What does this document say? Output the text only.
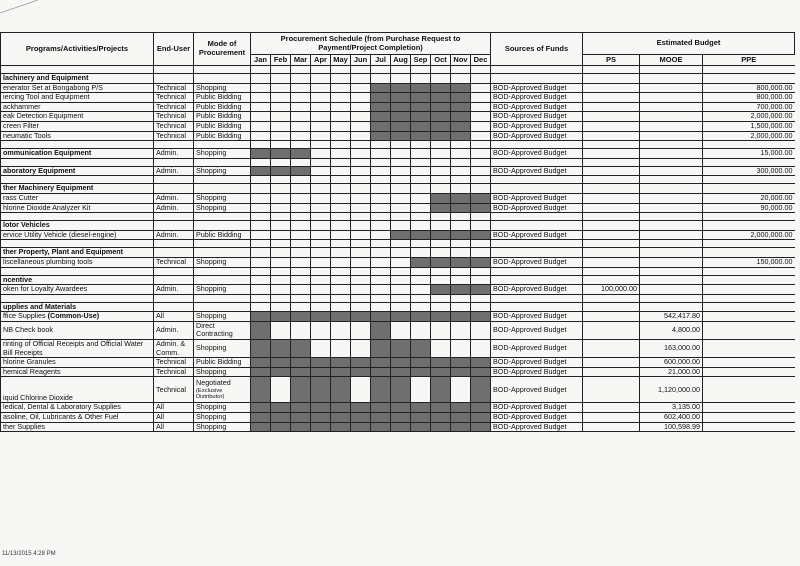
Programs/Activities/Projects	End-User	Mode of Procurement	Procurement Schedule (from Purchase Request to Payment/Project Completion)												Sources of Funds	Estimated Budget		
			Jan	Feb	Mar	Apr	May	Jun	Jul	Aug	Sep	Oct	Nov	Dec		PS	MOOE	PPE

lachinery and Equipment																		
enerator Set at Bongabong P/S	Technical	Shopping													BOD-Approved Budget			800,000.00
iercing Tool and Equipment	Technical	Public Bidding													BOD-Approved Budget			800,000.00
ackhammer	Technical	Public Bidding													BOD-Approved Budget			700,000.00
eak Detection Equipment	Technical	Public Bidding													BOD-Approved Budget			2,000,000.00
creen Filter	Technical	Public Bidding													BOD-Approved Budget			1,500,000.00
neumatic Tools	Technical	Public Bidding													BOD-Approved Budget			2,000,000.00

ommunication Equipment	Admin.	Shopping													BOD-Approved Budget			15,000.00

aboratory Equipment	Admin.	Shopping													BOD-Approved Budget			300,000.00

ther Machinery Equipment																		
rass Cutter	Admin.	Shopping													BOD-Approved Budget			20,000.00
hlorine Dioxide Analyzer Kit	Admin.	Shopping													BOD-Approved Budget			90,000.00

lotor Vehicles																		
ervice Utility Vehicle (diesel-engine)	Admin.	Public Bidding													BOD-Approved Budget			2,000,000.00

ther Property, Plant and Equipment																		
liscellaneous plumbing tools	Technical	Shopping													BOD-Approved Budget			150,000.00

ncentive																		
oken for Loyalty Awardees	Admin.	Shopping													BOD-Approved Budget	100,000.00		

upplies and Materials																		
ffice Supplies (Common-Use)	All	Shopping													BOD-Approved Budget		542,417.80	
NB Check book	Admin.	Direct Contracting													BOD-Approved Budget		4,800.00	
rinting of Official Receipts and Official Water Bill Receipts	Admin. & Comm.	Shopping													BOD-Approved Budget		163,000.00	
hlorine Granules	Technical	Public Bidding													BOD-Approved Budget		600,000.00	
hemical Reagents	Technical	Shopping													BOD-Approved Budget		21,000.00	
iquid Chlorine Dioxide	Technical	Negotiated
(Exclusive Distributor)													BOD-Approved Budget		1,120,000.00	
ledical, Dental & Laboratory Supplies	All	Shopping													BOD-Approved Budget		3,135.00	
asoline, Oil, Lubricants & Other Fuel	All	Shopping													BOD-Approved Budget		602,400.00	
ther Supplies	All	Shopping													BOD-Approved Budget		100,598.99	
11/13/2015 4:28 PM
